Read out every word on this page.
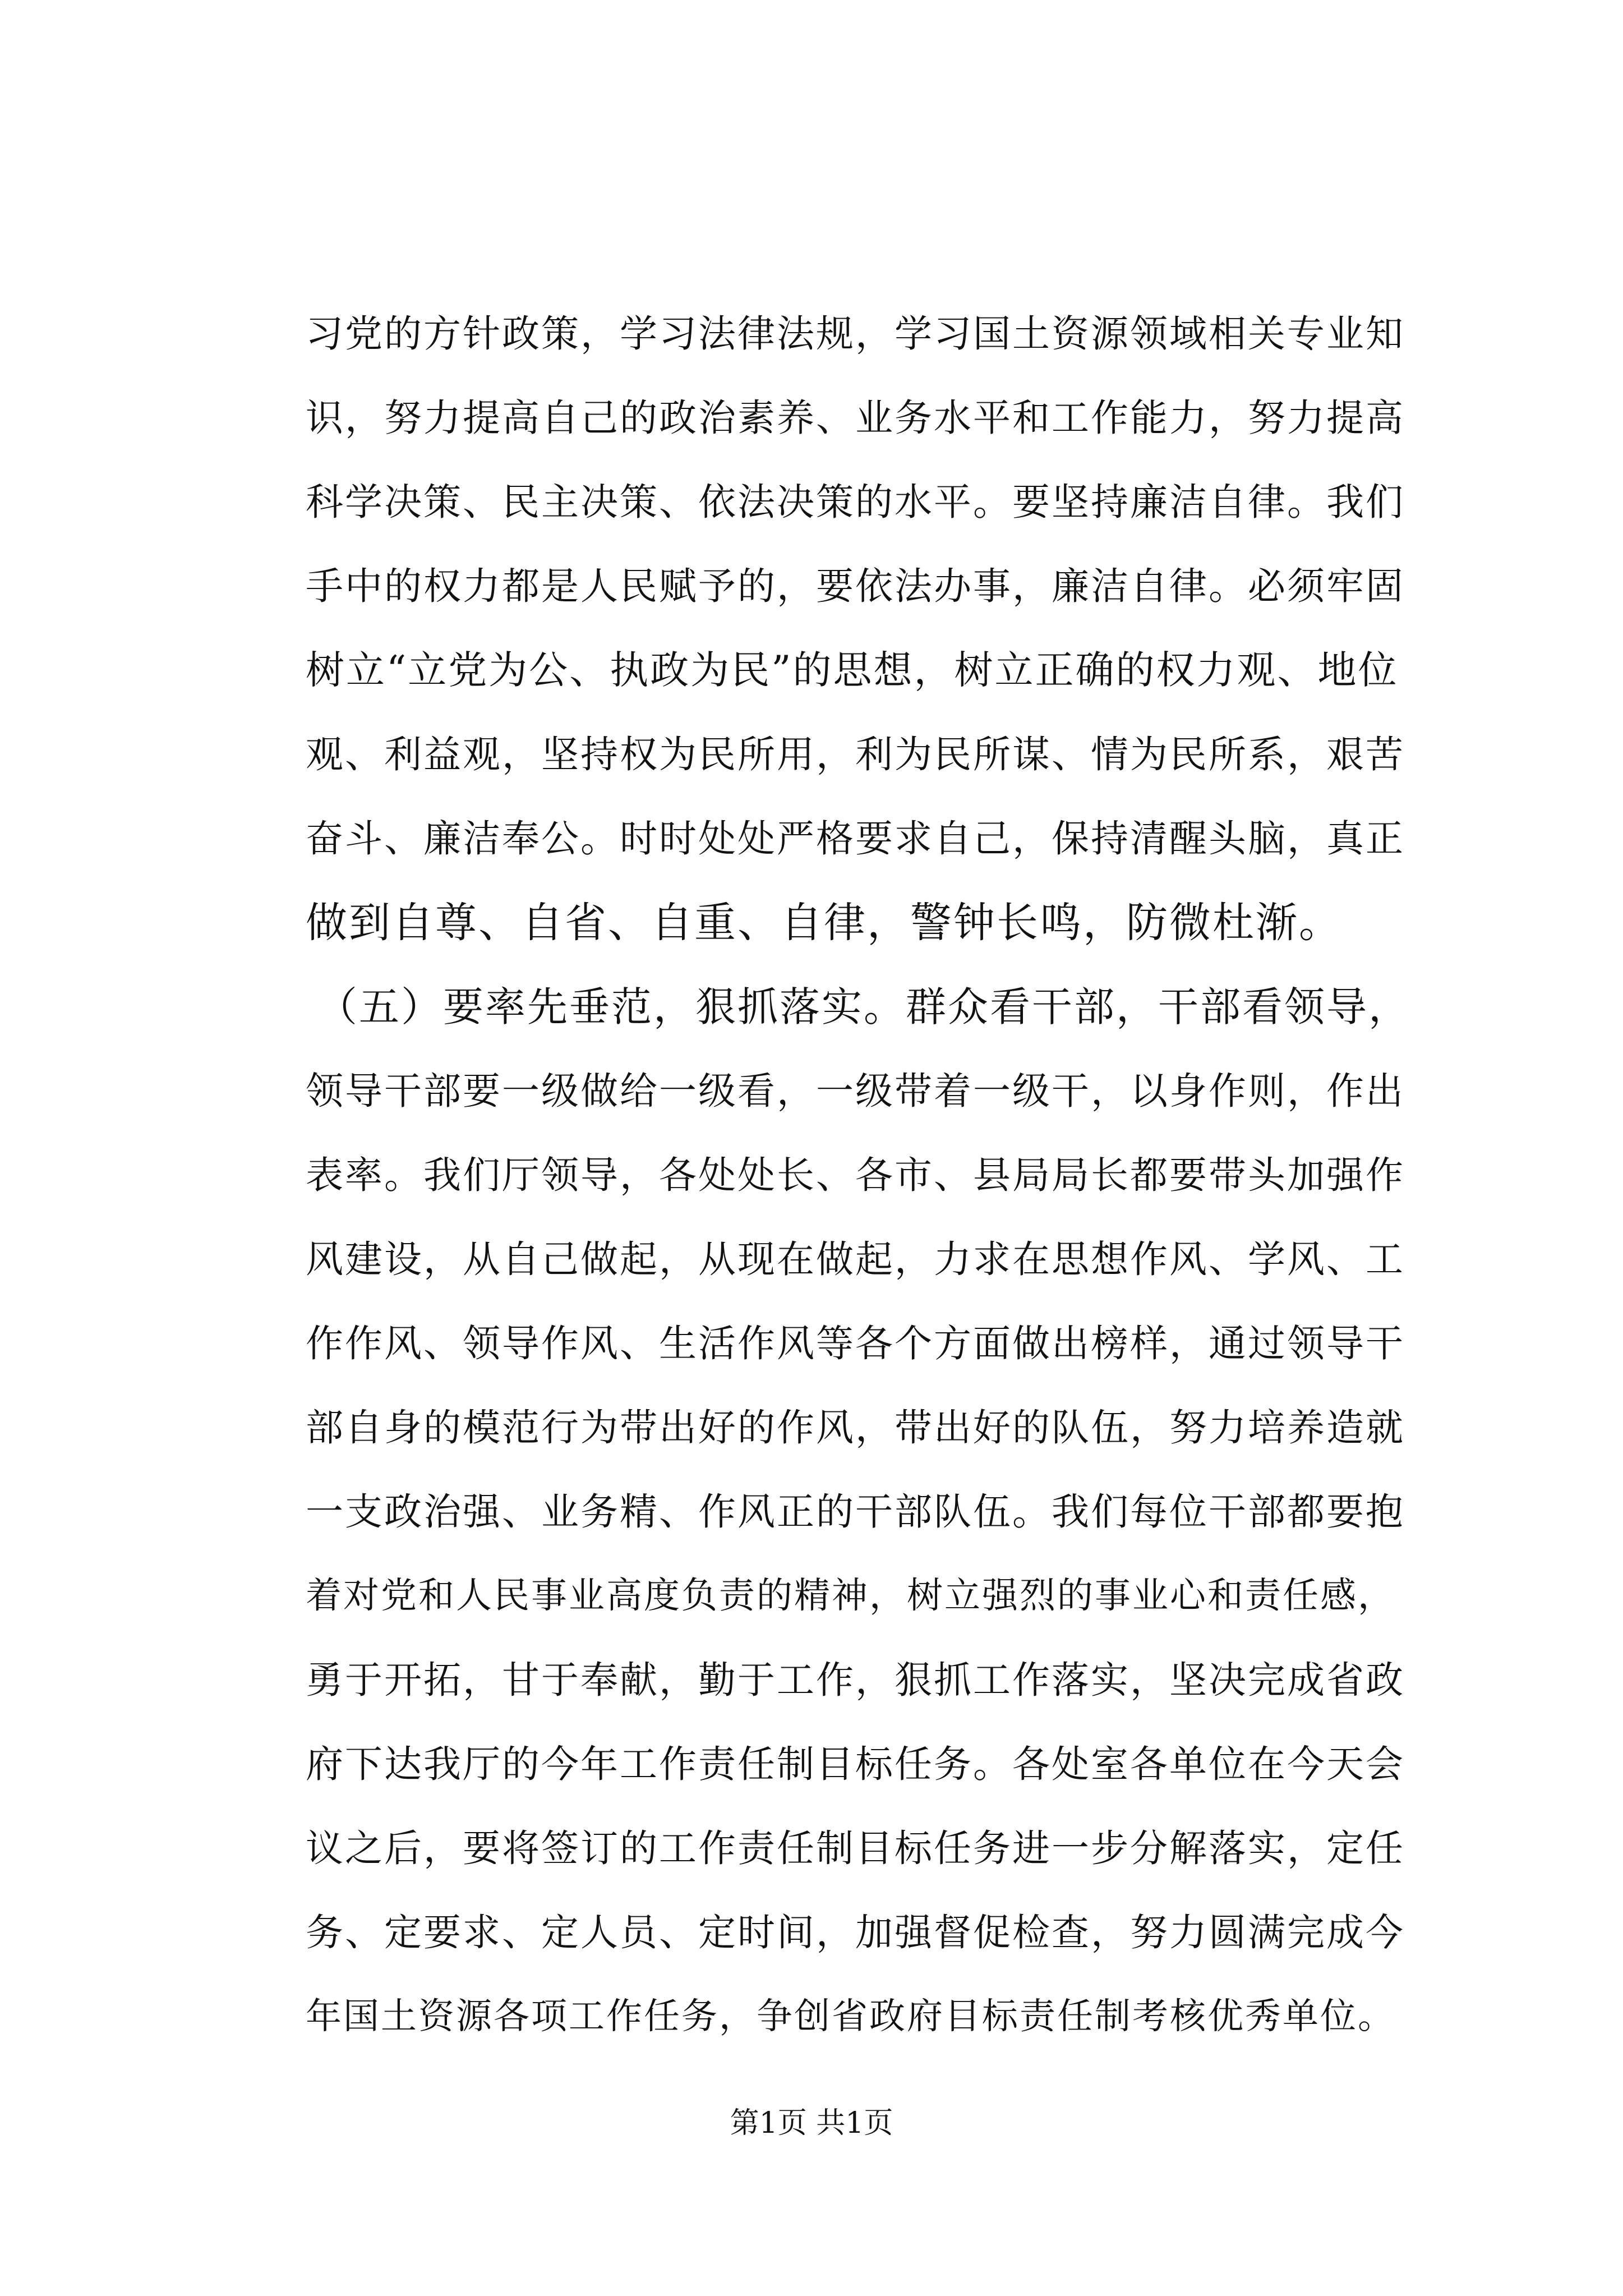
习党的方针政策，学习法律法规，学习国土资源领域相关专业知
识，努力提高自己的政治素养、业务水平和工作能力，努力提高
科学决策、民主决策、依法决策的水平。要坚持廉洁自律。我们
手中的权力都是人民赋予的，要依法办事，廉洁自律。必须牢固
树立“立党为公、执政为民”的思想，树立正确的权力观、地位
观、利益观，坚持权为民所用，利为民所谋、情为民所系，艰苦
奋斗、廉洁奉公。时时处处严格要求自己，保持清醒头脑，真正
做到自尊、自省、自重、自律，警钟长鸣，防微杜渐。
（五）要率先垂范，狠抓落实。群众看干部，干部看领导，
领导干部要一级做给一级看，一级带着一级干，以身作则，作出
表率。我们厅领导，各处处长、各市、县局局长都要带头加强作
风建设，从自己做起，从现在做起，力求在思想作风、学风、工
作作风、领导作风、生活作风等各个方面做出榜样，通过领导干
部自身的模范行为带出好的作风，带出好的队伍，努力培养造就
一支政治强、业务精、作风正的干部队伍。我们每位干部都要抱
着对党和人民事业高度负责的精神，树立强烈的事业心和责任感，
勇于开拓，甘于奉献，勤于工作，狠抓工作落实，坚决完成省政
府下达我厅的今年工作责任制目标任务。各处室各单位在今天会
议之后，要将签订的工作责任制目标任务进一步分解落实，定任
务、定要求、定人员、定时间，加强督促检查，努力圆满完成今
年国土资源各项工作任务，争创省政府目标责任制考核优秀单位。
第1页 共1页
